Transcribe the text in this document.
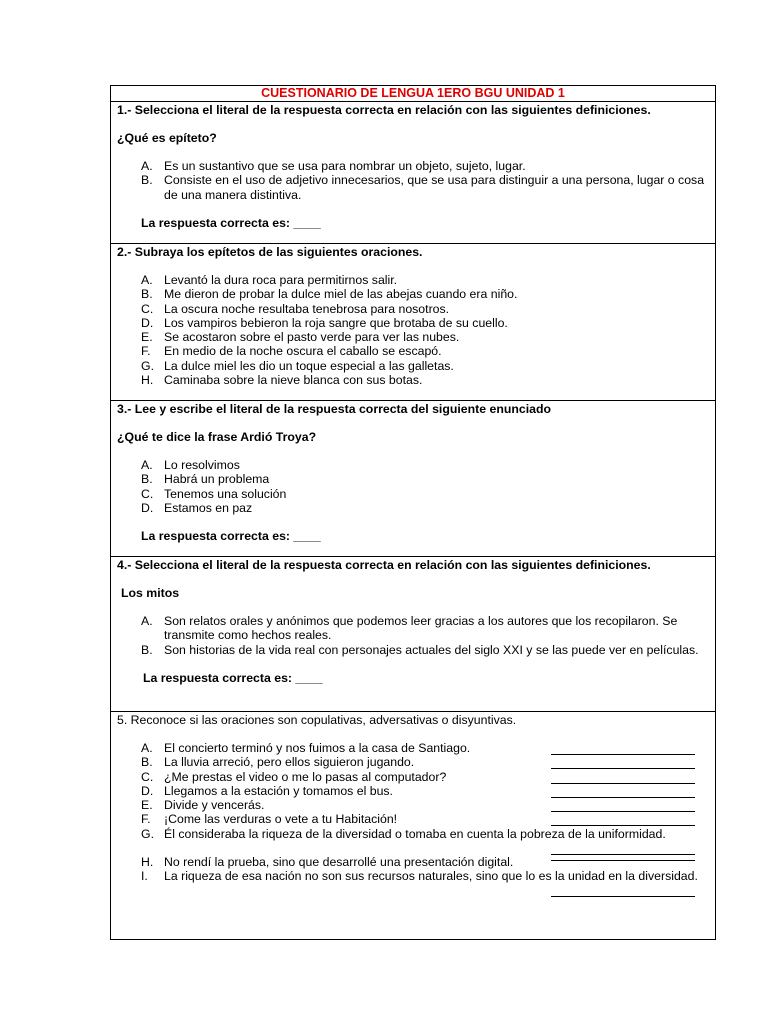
CUESTIONARIO DE LENGUA 1ERO BGU UNIDAD 1
1.- Selecciona el literal de la respuesta correcta en relación con las siguientes definiciones.
¿Qué es epíteto?
A. Es un sustantivo que se usa para nombrar un objeto, sujeto, lugar.
B. Consiste en el uso de adjetivo innecesarios, que se usa para distinguir a una persona, lugar o cosa de una manera distintiva.
La respuesta correcta es: ____
2.- Subraya los epítetos de las siguientes oraciones.
A. Levantó la dura roca para permitirnos salir.
B. Me dieron de probar la dulce miel de las abejas cuando era niño.
C. La oscura noche resultaba tenebrosa para nosotros.
D. Los vampiros bebieron la roja sangre que brotaba de su cuello.
E. Se acostaron sobre el pasto verde para ver las nubes.
F. En medio de la noche oscura el caballo se escapó.
G. La dulce miel les dio un toque especial a las galletas.
H. Caminaba sobre la nieve blanca con sus botas.
3.- Lee y escribe el literal de la respuesta correcta del siguiente enunciado
¿Qué te dice la frase Ardió Troya?
A. Lo resolvimos
B. Habrá un problema
C. Tenemos una solución
D. Estamos en paz
La respuesta correcta es: ____
4.- Selecciona el literal de la respuesta correcta en relación con las siguientes definiciones.
Los mitos
A. Son relatos orales y anónimos que podemos leer gracias a los autores que los recopilaron. Se transmite como hechos reales.
B. Son historias de la vida real con personajes actuales del siglo XXI y se las puede ver en películas.
La respuesta correcta es: ____
5. Reconoce si las oraciones son copulativas, adversativas o disyuntivas.
A. El concierto terminó y nos fuimos a la casa de Santiago.
B. La lluvia arreció, pero ellos siguieron jugando.
C. ¿Me prestas el video o me lo pasas al computador?
D. Llegamos a la estación y tomamos el bus.
E. Divide y vencerás.
F. ¡Come las verduras o vete a tu Habitación!
G. Él consideraba la riqueza de la diversidad o tomaba en cuenta la pobreza de la uniformidad.
H. No rendí la prueba, sino que desarrollé una presentación digital.
I. La riqueza de esa nación no son sus recursos naturales, sino que lo es la unidad en la diversidad.
